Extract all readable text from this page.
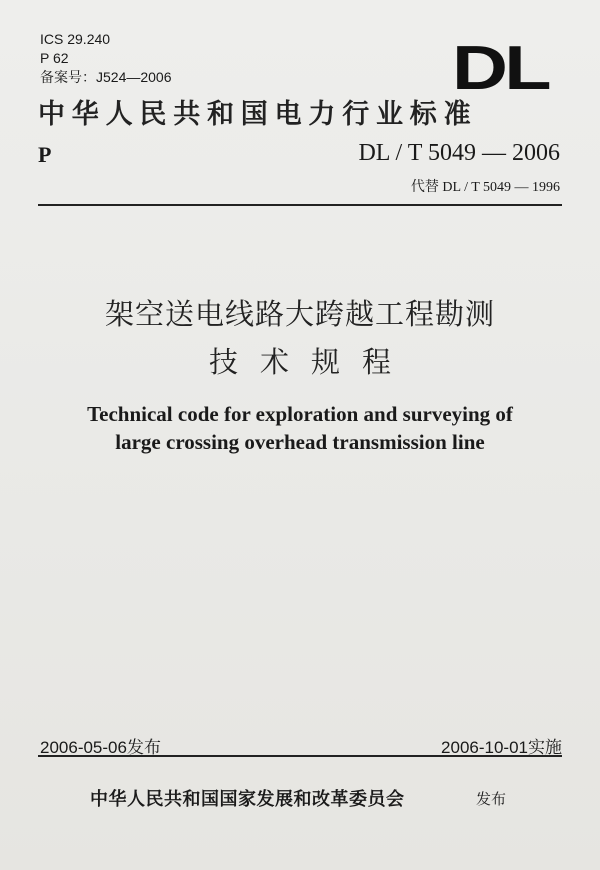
ICS 29.240
P 62
备案号：J524—2006	DL
中华人民共和国电力行业标准
P	DL / T 5049 — 2006
代替 DL / T 5049 — 1996
架空送电线路大跨越工程勘测
技术规程
Technical code for exploration and surveying of
large crossing overhead transmission line
2006-05-06发布	2006-10-01实施
中华人民共和国国家发展和改革委员会	发布
